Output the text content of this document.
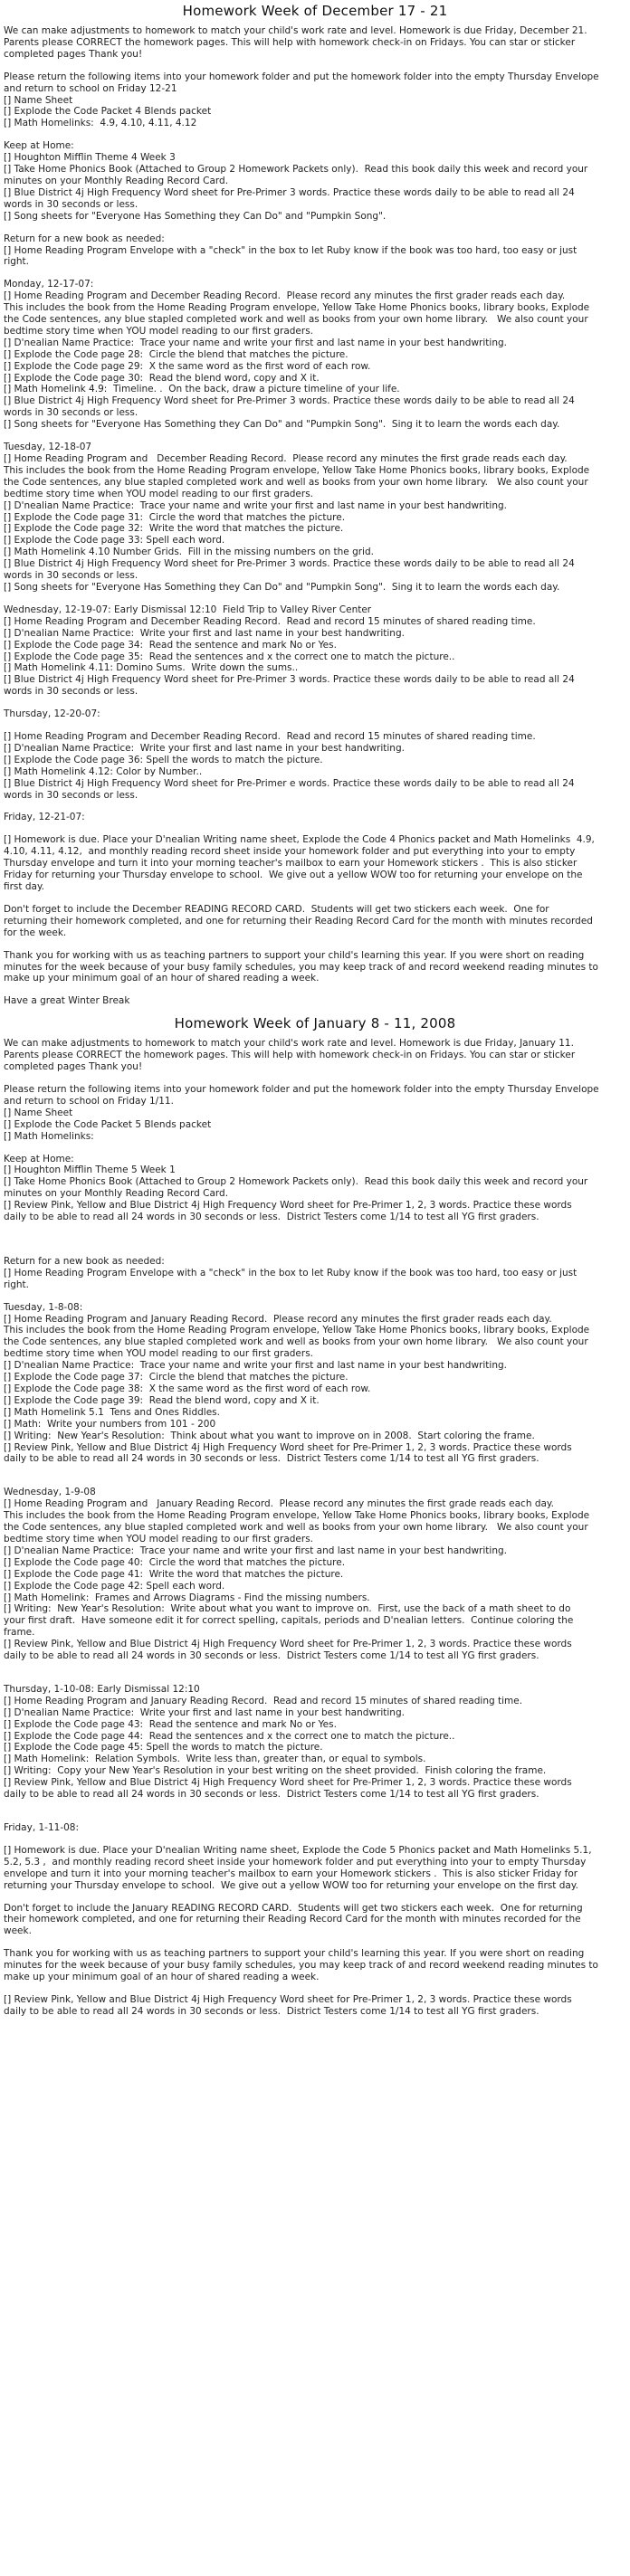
Homework Week of December 17 - 21
We can make adjustments to homework to match your child's work rate and level. Homework is due Friday, December 21.
Parents please CORRECT the homework pages. This will help with homework check-in on Fridays. You can star or sticker
completed pages Thank you!
Please return the following items into your homework folder and put the homework folder into the empty Thursday Envelope
and return to school on Friday 12-21
[] Name Sheet
[] Explode the Code Packet 4 Blends packet
[] Math Homelinks:  4.9, 4.10, 4.11, 4.12
Keep at Home:
[] Houghton Mifflin Theme 4 Week 3
[] Take Home Phonics Book (Attached to Group 2 Homework Packets only).  Read this book daily this week and record your
minutes on your Monthly Reading Record Card.
[] Blue District 4j High Frequency Word sheet for Pre-Primer 3 words. Practice these words daily to be able to read all 24
words in 30 seconds or less.
[] Song sheets for "Everyone Has Something they Can Do" and "Pumpkin Song".
Return for a new book as needed:
[] Home Reading Program Envelope with a "check" in the box to let Ruby know if the book was too hard, too easy or just
right.
Monday, 12-17-07:
[] Home Reading Program and December Reading Record.  Please record any minutes the first grader reads each day.
This includes the book from the Home Reading Program envelope, Yellow Take Home Phonics books, library books, Explode
the Code sentences, any blue stapled completed work and well as books from your own home library.   We also count your
bedtime story time when YOU model reading to our first graders.
[] D'nealian Name Practice:  Trace your name and write your first and last name in your best handwriting.
[] Explode the Code page 28:  Circle the blend that matches the picture.
[] Explode the Code page 29:  X the same word as the first word of each row.
[] Explode the Code page 30:  Read the blend word, copy and X it.
[] Math Homelink 4.9:  Timeline. .  On the back, draw a picture timeline of your life.
[] Blue District 4j High Frequency Word sheet for Pre-Primer 3 words. Practice these words daily to be able to read all 24
words in 30 seconds or less.
[] Song sheets for "Everyone Has Something they Can Do" and "Pumpkin Song".  Sing it to learn the words each day.
Tuesday, 12-18-07
[] Home Reading Program and   December Reading Record.  Please record any minutes the first grade reads each day.
This includes the book from the Home Reading Program envelope, Yellow Take Home Phonics books, library books, Explode
the Code sentences, any blue stapled completed work and well as books from your own home library.   We also count your
bedtime story time when YOU model reading to our first graders.
[] D'nealian Name Practice:  Trace your name and write your first and last name in your best handwriting.
[] Explode the Code page 31:  Circle the word that matches the picture.
[] Explode the Code page 32:  Write the word that matches the picture.
[] Explode the Code page 33: Spell each word.
[] Math Homelink 4.10 Number Grids.  Fill in the missing numbers on the grid.
[] Blue District 4j High Frequency Word sheet for Pre-Primer 3 words. Practice these words daily to be able to read all 24
words in 30 seconds or less.
[] Song sheets for "Everyone Has Something they Can Do" and "Pumpkin Song".  Sing it to learn the words each day.
Wednesday, 12-19-07: Early Dismissal 12:10  Field Trip to Valley River Center
[] Home Reading Program and December Reading Record.  Read and record 15 minutes of shared reading time.
[] D'nealian Name Practice:  Write your first and last name in your best handwriting.
[] Explode the Code page 34:  Read the sentence and mark No or Yes.
[] Explode the Code page 35:  Read the sentences and x the correct one to match the picture..
[] Math Homelink 4.11: Domino Sums.  Write down the sums..
[] Blue District 4j High Frequency Word sheet for Pre-Primer 3 words. Practice these words daily to be able to read all 24
words in 30 seconds or less.
Thursday, 12-20-07:
[] Home Reading Program and December Reading Record.  Read and record 15 minutes of shared reading time.
[] D'nealian Name Practice:  Write your first and last name in your best handwriting.
[] Explode the Code page 36: Spell the words to match the picture.
[] Math Homelink 4.12: Color by Number..
[] Blue District 4j High Frequency Word sheet for Pre-Primer e words. Practice these words daily to be able to read all 24
words in 30 seconds or less.
Friday, 12-21-07:
[] Homework is due. Place your D'nealian Writing name sheet, Explode the Code 4 Phonics packet and Math Homelinks  4.9,
4.10, 4.11, 4.12,  and monthly reading record sheet inside your homework folder and put everything into your to empty
Thursday envelope and turn it into your morning teacher's mailbox to earn your Homework stickers .  This is also sticker
Friday for returning your Thursday envelope to school.  We give out a yellow WOW too for returning your envelope on the
first day.
Don't forget to include the December READING RECORD CARD.  Students will get two stickers each week.  One for
returning their homework completed, and one for returning their Reading Record Card for the month with minutes recorded
for the week.
Thank you for working with us as teaching partners to support your child's learning this year. If you were short on reading
minutes for the week because of your busy family schedules, you may keep track of and record weekend reading minutes to
make up your minimum goal of an hour of shared reading a week.
Have a great Winter Break
Homework Week of January 8 - 11, 2008
We can make adjustments to homework to match your child's work rate and level. Homework is due Friday, January 11.
Parents please CORRECT the homework pages. This will help with homework check-in on Fridays. You can star or sticker
completed pages Thank you!
Please return the following items into your homework folder and put the homework folder into the empty Thursday Envelope
and return to school on Friday 1/11.
[] Name Sheet
[] Explode the Code Packet 5 Blends packet
[] Math Homelinks:
Keep at Home:
[] Houghton Mifflin Theme 5 Week 1
[] Take Home Phonics Book (Attached to Group 2 Homework Packets only).  Read this book daily this week and record your
minutes on your Monthly Reading Record Card.
[] Review Pink, Yellow and Blue District 4j High Frequency Word sheet for Pre-Primer 1, 2, 3 words. Practice these words
daily to be able to read all 24 words in 30 seconds or less.  District Testers come 1/14 to test all YG first graders.
Return for a new book as needed:
[] Home Reading Program Envelope with a "check" in the box to let Ruby know if the book was too hard, too easy or just
right.
Tuesday, 1-8-08:
[] Home Reading Program and January Reading Record.  Please record any minutes the first grader reads each day.
This includes the book from the Home Reading Program envelope, Yellow Take Home Phonics books, library books, Explode
the Code sentences, any blue stapled completed work and well as books from your own home library.   We also count your
bedtime story time when YOU model reading to our first graders.
[] D'nealian Name Practice:  Trace your name and write your first and last name in your best handwriting.
[] Explode the Code page 37:  Circle the blend that matches the picture.
[] Explode the Code page 38:  X the same word as the first word of each row.
[] Explode the Code page 39:  Read the blend word, copy and X it.
[] Math Homelink 5.1  Tens and Ones Riddles.
[] Math:  Write your numbers from 101 - 200
[] Writing:  New Year's Resolution:  Think about what you want to improve on in 2008.  Start coloring the frame.
[] Review Pink, Yellow and Blue District 4j High Frequency Word sheet for Pre-Primer 1, 2, 3 words. Practice these words
daily to be able to read all 24 words in 30 seconds or less.  District Testers come 1/14 to test all YG first graders.
Wednesday, 1-9-08
[] Home Reading Program and   January Reading Record.  Please record any minutes the first grade reads each day.
This includes the book from the Home Reading Program envelope, Yellow Take Home Phonics books, library books, Explode
the Code sentences, any blue stapled completed work and well as books from your own home library.   We also count your
bedtime story time when YOU model reading to our first graders.
[] D'nealian Name Practice:  Trace your name and write your first and last name in your best handwriting.
[] Explode the Code page 40:  Circle the word that matches the picture.
[] Explode the Code page 41:  Write the word that matches the picture.
[] Explode the Code page 42: Spell each word.
[] Math Homelink:  Frames and Arrows Diagrams - Find the missing numbers.
[] Writing:  New Year's Resolution:  Write about what you want to improve on.  First, use the back of a math sheet to do
your first draft.  Have someone edit it for correct spelling, capitals, periods and D'nealian letters.  Continue coloring the
frame.
[] Review Pink, Yellow and Blue District 4j High Frequency Word sheet for Pre-Primer 1, 2, 3 words. Practice these words
daily to be able to read all 24 words in 30 seconds or less.  District Testers come 1/14 to test all YG first graders.
Thursday, 1-10-08: Early Dismissal 12:10
[] Home Reading Program and January Reading Record.  Read and record 15 minutes of shared reading time.
[] D'nealian Name Practice:  Write your first and last name in your best handwriting.
[] Explode the Code page 43:  Read the sentence and mark No or Yes.
[] Explode the Code page 44:  Read the sentences and x the correct one to match the picture..
[] Explode the Code page 45: Spell the words to match the picture.
[] Math Homelink:  Relation Symbols.  Write less than, greater than, or equal to symbols.
[] Writing:  Copy your New Year's Resolution in your best writing on the sheet provided.  Finish coloring the frame.
[] Review Pink, Yellow and Blue District 4j High Frequency Word sheet for Pre-Primer 1, 2, 3 words. Practice these words
daily to be able to read all 24 words in 30 seconds or less.  District Testers come 1/14 to test all YG first graders.
Friday, 1-11-08:
[] Homework is due. Place your D'nealian Writing name sheet, Explode the Code 5 Phonics packet and Math Homelinks 5.1,
5.2, 5.3 ,  and monthly reading record sheet inside your homework folder and put everything into your to empty Thursday
envelope and turn it into your morning teacher's mailbox to earn your Homework stickers .  This is also sticker Friday for
returning your Thursday envelope to school.  We give out a yellow WOW too for returning your envelope on the first day.
Don't forget to include the January READING RECORD CARD.  Students will get two stickers each week.  One for returning
their homework completed, and one for returning their Reading Record Card for the month with minutes recorded for the
week.
Thank you for working with us as teaching partners to support your child's learning this year. If you were short on reading
minutes for the week because of your busy family schedules, you may keep track of and record weekend reading minutes to
make up your minimum goal of an hour of shared reading a week.
[] Review Pink, Yellow and Blue District 4j High Frequency Word sheet for Pre-Primer 1, 2, 3 words. Practice these words
daily to be able to read all 24 words in 30 seconds or less.  District Testers come 1/14 to test all YG first graders.
